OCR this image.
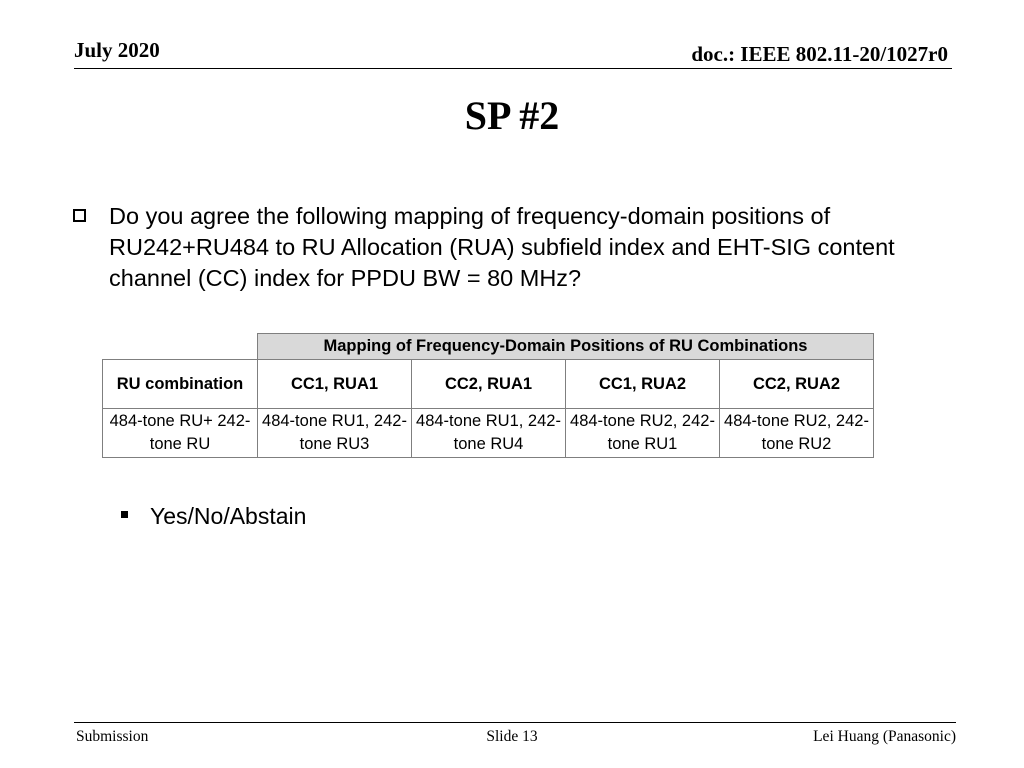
July 2020	doc.: IEEE 802.11-20/1027r0
SP #2
Do you agree the following mapping of frequency-domain positions of RU242+RU484 to RU Allocation (RUA) subfield index and EHT-SIG content channel (CC) index for PPDU BW = 80 MHz?
	Mapping of Frequency-Domain Positions of RU Combinations			
RU combination	CC1, RUA1	CC2, RUA1	CC1, RUA2	CC2, RUA2
484-tone RU+ 242-tone RU	484-tone RU1, 242-tone RU3	484-tone RU1, 242-tone RU4	484-tone RU2, 242-tone RU1	484-tone RU2, 242-tone RU2
Yes/No/Abstain
Submission	Slide 13	Lei Huang (Panasonic)
